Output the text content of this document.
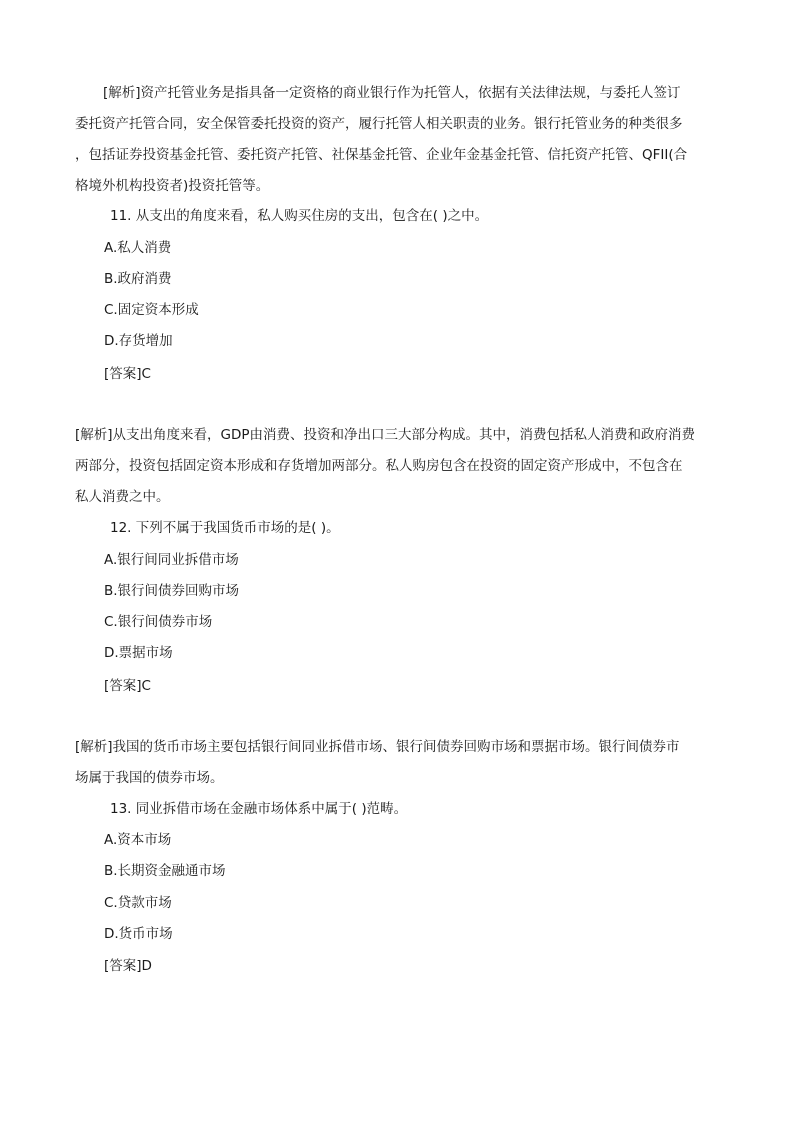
[解析]资产托管业务是指具备一定资格的商业银行作为托管人，依据有关法律法规，与委托人签订
委托资产托管合同，安全保管委托投资的资产，履行托管人相关职责的业务。银行托管业务的种类很多
，包括证券投资基金托管、委托资产托管、社保基金托管、企业年金基金托管、信托资产托管、QFII(合
格境外机构投资者)投资托管等。
11. 从支出的角度来看，私人购买住房的支出，包含在( )之中。
A.私人消费
B.政府消费
C.固定资本形成
D.存货增加
[答案]C
[解析]从支出角度来看，GDP由消费、投资和净出口三大部分构成。其中，消费包括私人消费和政府消费
两部分，投资包括固定资本形成和存货增加两部分。私人购房包含在投资的固定资产形成中，不包含在
私人消费之中。
12. 下列不属于我国货币市场的是( )。
A.银行间同业拆借市场
B.银行间债券回购市场
C.银行间债券市场
D.票据市场
[答案]C
[解析]我国的货币市场主要包括银行间同业拆借市场、银行间债券回购市场和票据市场。银行间债券市
场属于我国的债券市场。
13. 同业拆借市场在金融市场体系中属于( )范畴。
A.资本市场
B.长期资金融通市场
C.贷款市场
D.货币市场
[答案]D
